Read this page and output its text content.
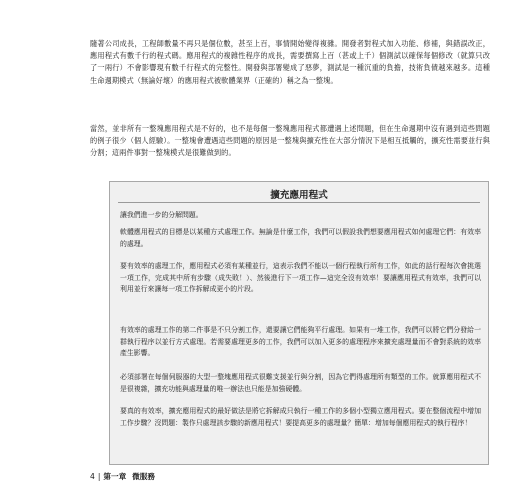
隨著公司成長，工程師數量不再只是個位數，甚至上百，事情開始變得複雜。開發者對程式加入功能、修補，與錯誤改正，應用程式有數千行的程式碼。應用程式的複雜性程序的成長，需要撰寫上百（甚或上千）個測試以確保每個修改（就算只改了一兩行）不會影響現有數千行程式的完整性。開發與部署變成了惡夢，測試是一種沉重的負擔，技術負債越來越多。這種生命週期模式（無論好壞）的應用程式被軟體業界（正確的）稱之為一整塊。

當然，並非所有一整塊應用程式是不好的，也不是每個一整塊應用程式都遭遇上述問題，但在生命週期中沒有遇到這些問題的例子很少（個人經驗）。一整塊會遭遇這些問題的原因是一整塊與擴充性在大部分情況下是相互抵觸的，擴充性需要並行與分割；這兩件事對一整塊模式是很難做到的。

擴充應用程式

讓我們進一步的分解問題。

軟體應用程式的目標是以某種方式處理工作。無論是什麼工作，我們可以假設我們想要應用程式如何處理它們：有效率的處理。

要有效率的處理工作，應用程式必須有某種並行，這表示我們不能以一個行程執行所有工作，如此的話行程每次會挑選一項工作，完成其中所有步驟（成失敗！）、然後進行下一項工作—這完全沒有效率！要讓應用程式有效率，我們可以利用並行來讓每一項工作拆解成更小的片段。

有效率的處理工作的第二件事是不只分割工作，還要讓它們能夠平行處理。如果有一堆工作，我們可以將它們分發給一群執行程序以並行方式處理。若需要處理更多的工作，我們可以加入更多的處理程序來擴充處理量而不會對系統的效率產生影響。

必須部署在每個伺服器的大型一整塊應用程式很難支援並行與分割，因為它們得處理所有類型的工作。就算應用程式不是很複雜，擴充功能與處理量的唯一辦法也只能是加強硬體。

要真的有效率，擴充應用程式的最好做法是將它拆解成只執行一種工作的多個小型獨立應用程式。要在整個流程中增加工作步驟？沒問題：製作只處理該步驟的新應用程式！要提高更多的處理量？簡單：增加每個應用程式的執行程序！

4 | 第一章 微服務
